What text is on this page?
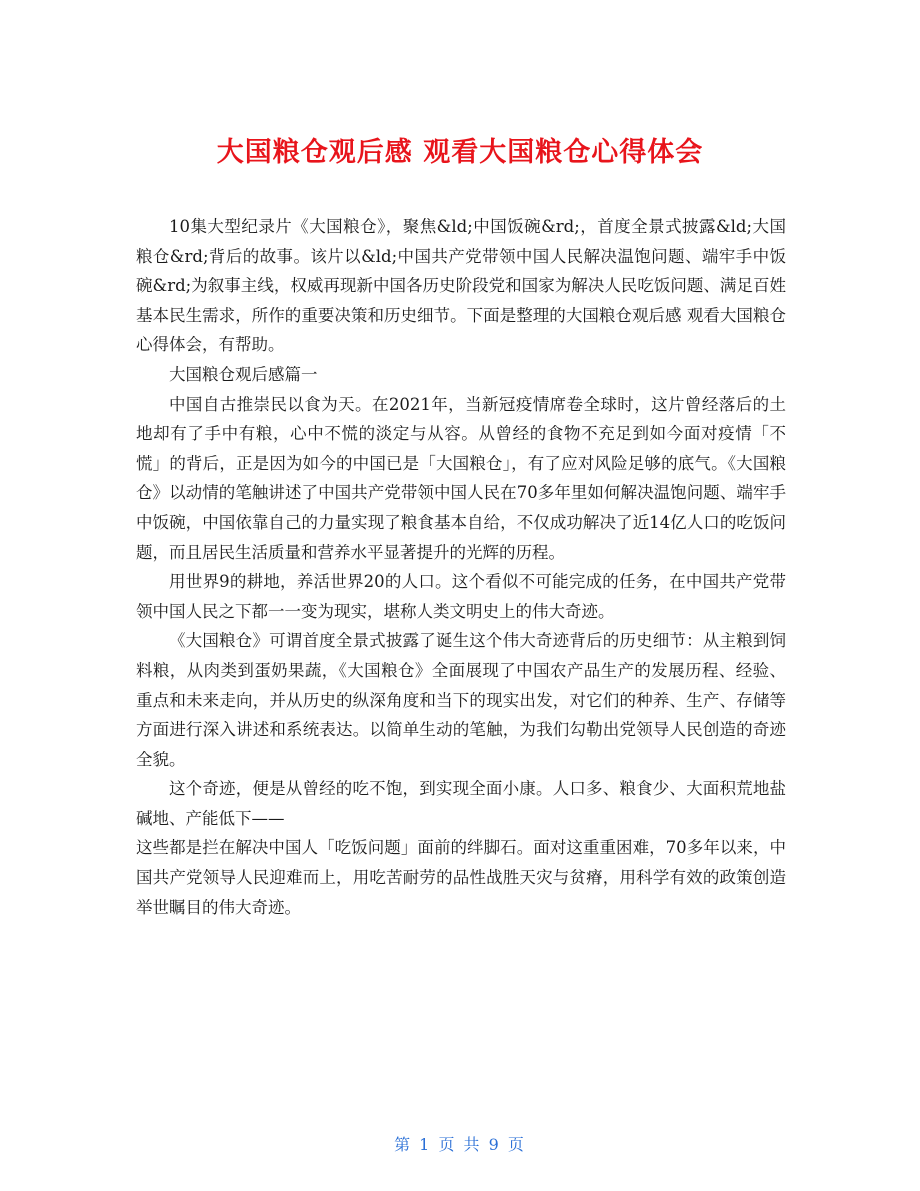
大国粮仓观后感 观看大国粮仓心得体会

10集大型纪录片《大国粮仓》，聚焦&ld;中国饭碗&rd;，首度全景式披露&ld;大国粮仓&rd;背后的故事。该片以&ld;中国共产党带领中国人民解决温饱问题、端牢手中饭碗&rd;为叙事主线，权威再现新中国各历史阶段党和国家为解决人民吃饭问题、满足百姓基本民生需求，所作的重要决策和历史细节。下面是整理的大国粮仓观后感 观看大国粮仓心得体会，有帮助。

大国粮仓观后感篇一

中国自古推崇民以食为天。在2021年，当新冠疫情席卷全球时，这片曾经落后的土地却有了手中有粮，心中不慌的淡定与从容。从曾经的食物不充足到如今面对疫情「不慌」的背后，正是因为如今的中国已是「大国粮仓」，有了应对风险足够的底气。《大国粮仓》以动情的笔触讲述了中国共产党带领中国人民在70多年里如何解决温饱问题、端牢手中饭碗，中国依靠自己的力量实现了粮食基本自给，不仅成功解决了近14亿人口的吃饭问题，而且居民生活质量和营养水平显著提升的光辉的历程。

用世界9的耕地，养活世界20的人口。这个看似不可能完成的任务，在中国共产党带领中国人民之下都一一变为现实，堪称人类文明史上的伟大奇迹。

《大国粮仓》可谓首度全景式披露了诞生这个伟大奇迹背后的历史细节：从主粮到饲料粮，从肉类到蛋奶果蔬，《大国粮仓》全面展现了中国农产品生产的发展历程、经验、重点和未来走向，并从历史的纵深角度和当下的现实出发，对它们的种养、生产、存储等方面进行深入讲述和系统表达。以简单生动的笔触，为我们勾勒出党领导人民创造的奇迹全貌。

这个奇迹，便是从曾经的吃不饱，到实现全面小康。人口多、粮食少、大面积荒地盐碱地、产能低下——

这些都是拦在解决中国人「吃饭问题」面前的绊脚石。面对这重重困难，70多年以来，中国共产党领导人民迎难而上，用吃苦耐劳的品性战胜天灾与贫瘠，用科学有效的政策创造举世瞩目的伟大奇迹。

第 1 页 共 9 页
